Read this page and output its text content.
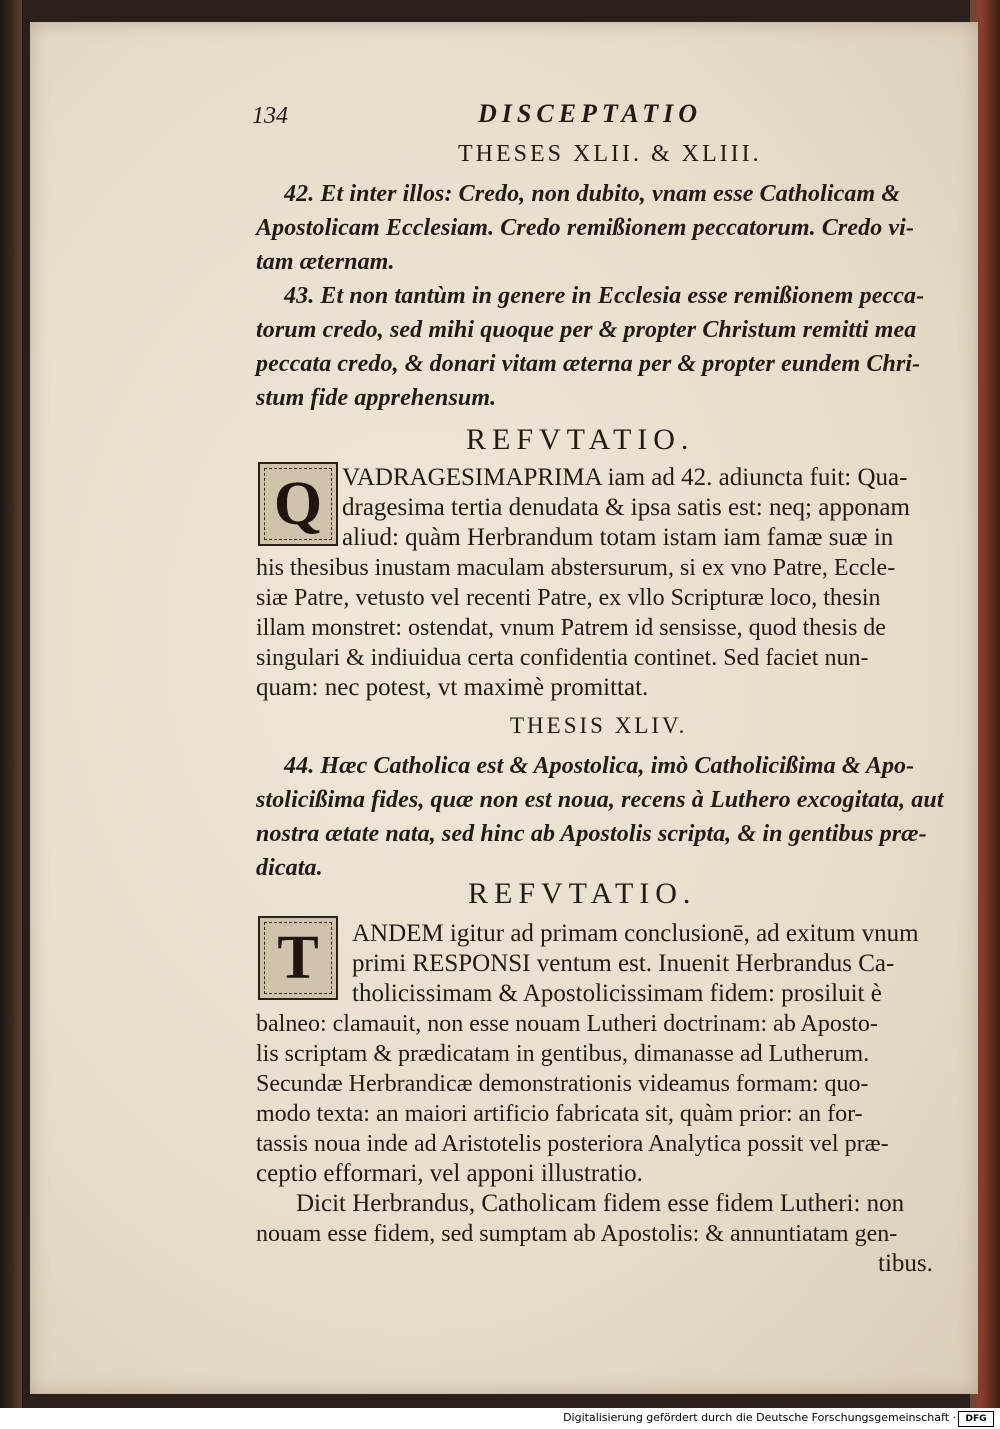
134	DISCEPTATIO
THESES XLII. & XLIII.
42. Et inter illos: Credo, non dubito, vnam esse Catholicam &
Apostolicam Ecclesiam. Credo remißionem peccatorum. Credo vi-
tam æternam.
43. Et non tantùm in genere in Ecclesia esse remißionem pecca-
torum credo, sed mihi quoque per & propter Christum remitti mea
peccata credo, & donari vitam æterna per & propter eundem Chri-
stum fide apprehensum.
REFVTATIO.
Q VADRAGESIMAPRIMA iam ad 42. adiuncta fuit: Qua-
dragesima tertia denudata & ipsa satis est: neq; apponam
aliud: quàm Herbrandum totam istam iam famæ suæ in
his thesibus inustam maculam abstersurum, si ex vno Patre, Eccle-
siæ Patre, vetusto vel recenti Patre, ex vllo Scripturæ loco, thesin
illam monstret: ostendat, vnum Patrem id sensisse, quod thesis de
singulari & indiuidua certa confidentia continet. Sed faciet nun-
quam: nec potest, vt maximè promittat.
THESIS XLIV.
44. Hæc Catholica est & Apostolica, imò Catholicißima & Apo-
stolicißima fides, quæ non est noua, recens à Luthero excogitata, aut
nostra ætate nata, sed hinc ab Apostolis scripta, & in gentibus præ-
dicata.
REFVTATIO.
T ANDEM igitur ad primam conclusionē, ad exitum vnum
primi RESPONSI ventum est. Inuenit Herbrandus Ca-
tholicissimam & Apostolicissimam fidem: prosiluit è
balneo: clamauit, non esse nouam Lutheri doctrinam: ab Aposto-
lis scriptam & prædicatam in gentibus, dimanasse ad Lutherum.
Secundæ Herbrandicæ demonstrationis videamus formam: quo-
modo texta: an maiori artificio fabricata sit, quàm prior: an for-
tassis noua inde ad Aristotelis posteriora Analytica possit vel præ-
ceptio efformari, vel apponi illustratio.
Dicit Herbrandus, Catholicam fidem esse fidem Lutheri: non
nouam esse fidem, sed sumptam ab Apostolis: & annuntiatam gen-
tibus.
Digitalisierung gefördert durch die Deutsche Forschungsgemeinschaft ·	DFG
